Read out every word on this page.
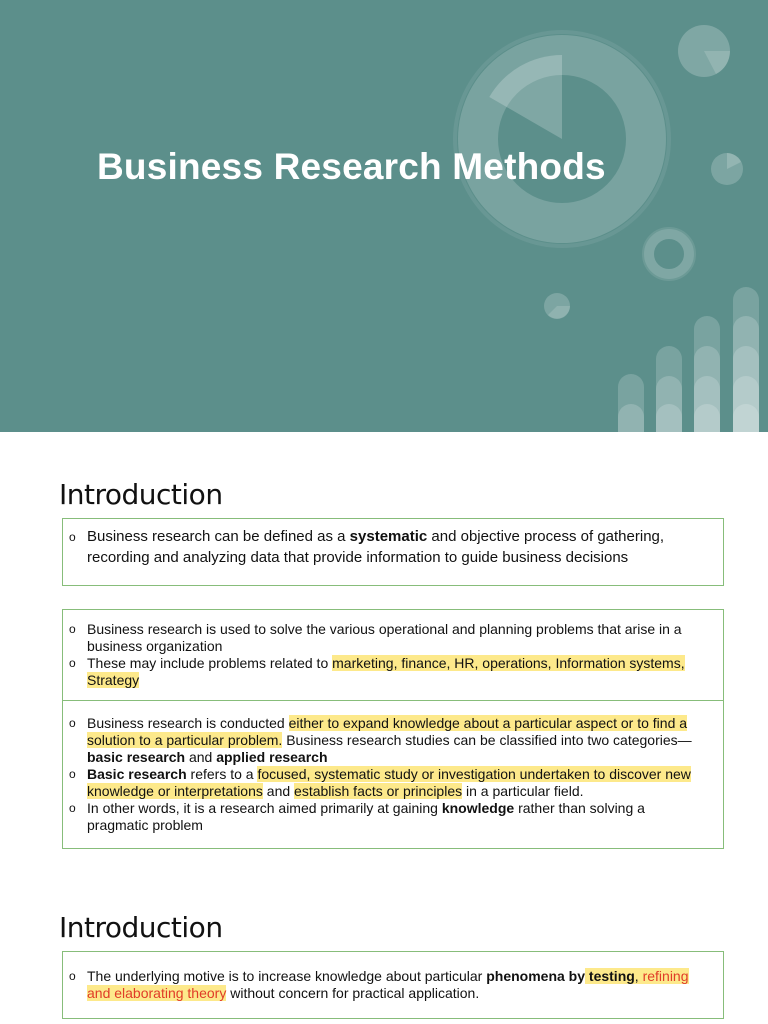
Business Research Methods
Introduction
o Business research can be defined as a systematic and objective process of gathering, recording and analyzing data that provide information to guide business decisions
o Business research is used to solve the various operational and planning problems that arise in a business organization
o These may include problems related to marketing, finance, HR, operations, Information systems, Strategy
o Business research is conducted either to expand knowledge about a particular aspect or to find a solution to a particular problem. Business research studies can be classified into two categories—basic research and applied research
o Basic research refers to a focused, systematic study or investigation undertaken to discover new knowledge or interpretations and establish facts or principles in a particular field.
o In other words, it is a research aimed primarily at gaining knowledge rather than solving a pragmatic problem
Introduction
o The underlying motive is to increase knowledge about particular phenomena by testing, refining and elaborating theory without concern for practical application.
